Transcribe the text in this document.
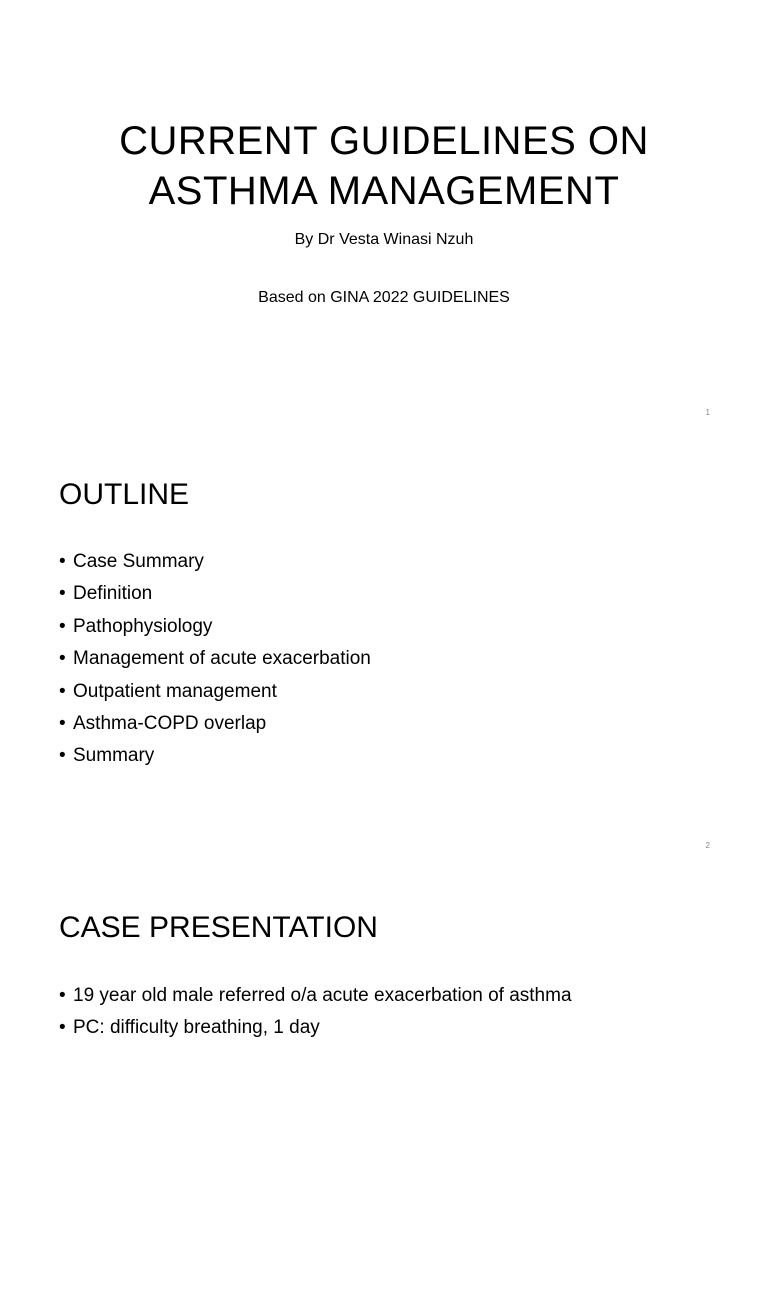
CURRENT GUIDELINES ON
ASTHMA MANAGEMENT

By Dr Vesta Winasi Nzuh

Based on GINA 2022 GUIDELINES

1
OUTLINE
• Case Summary
• Definition
• Pathophysiology
• Management of acute exacerbation
• Outpatient management
• Asthma-COPD overlap
• Summary
2
CASE PRESENTATION
• 19 year old male referred o/a acute exacerbation of asthma
• PC: difficulty breathing, 1 day
